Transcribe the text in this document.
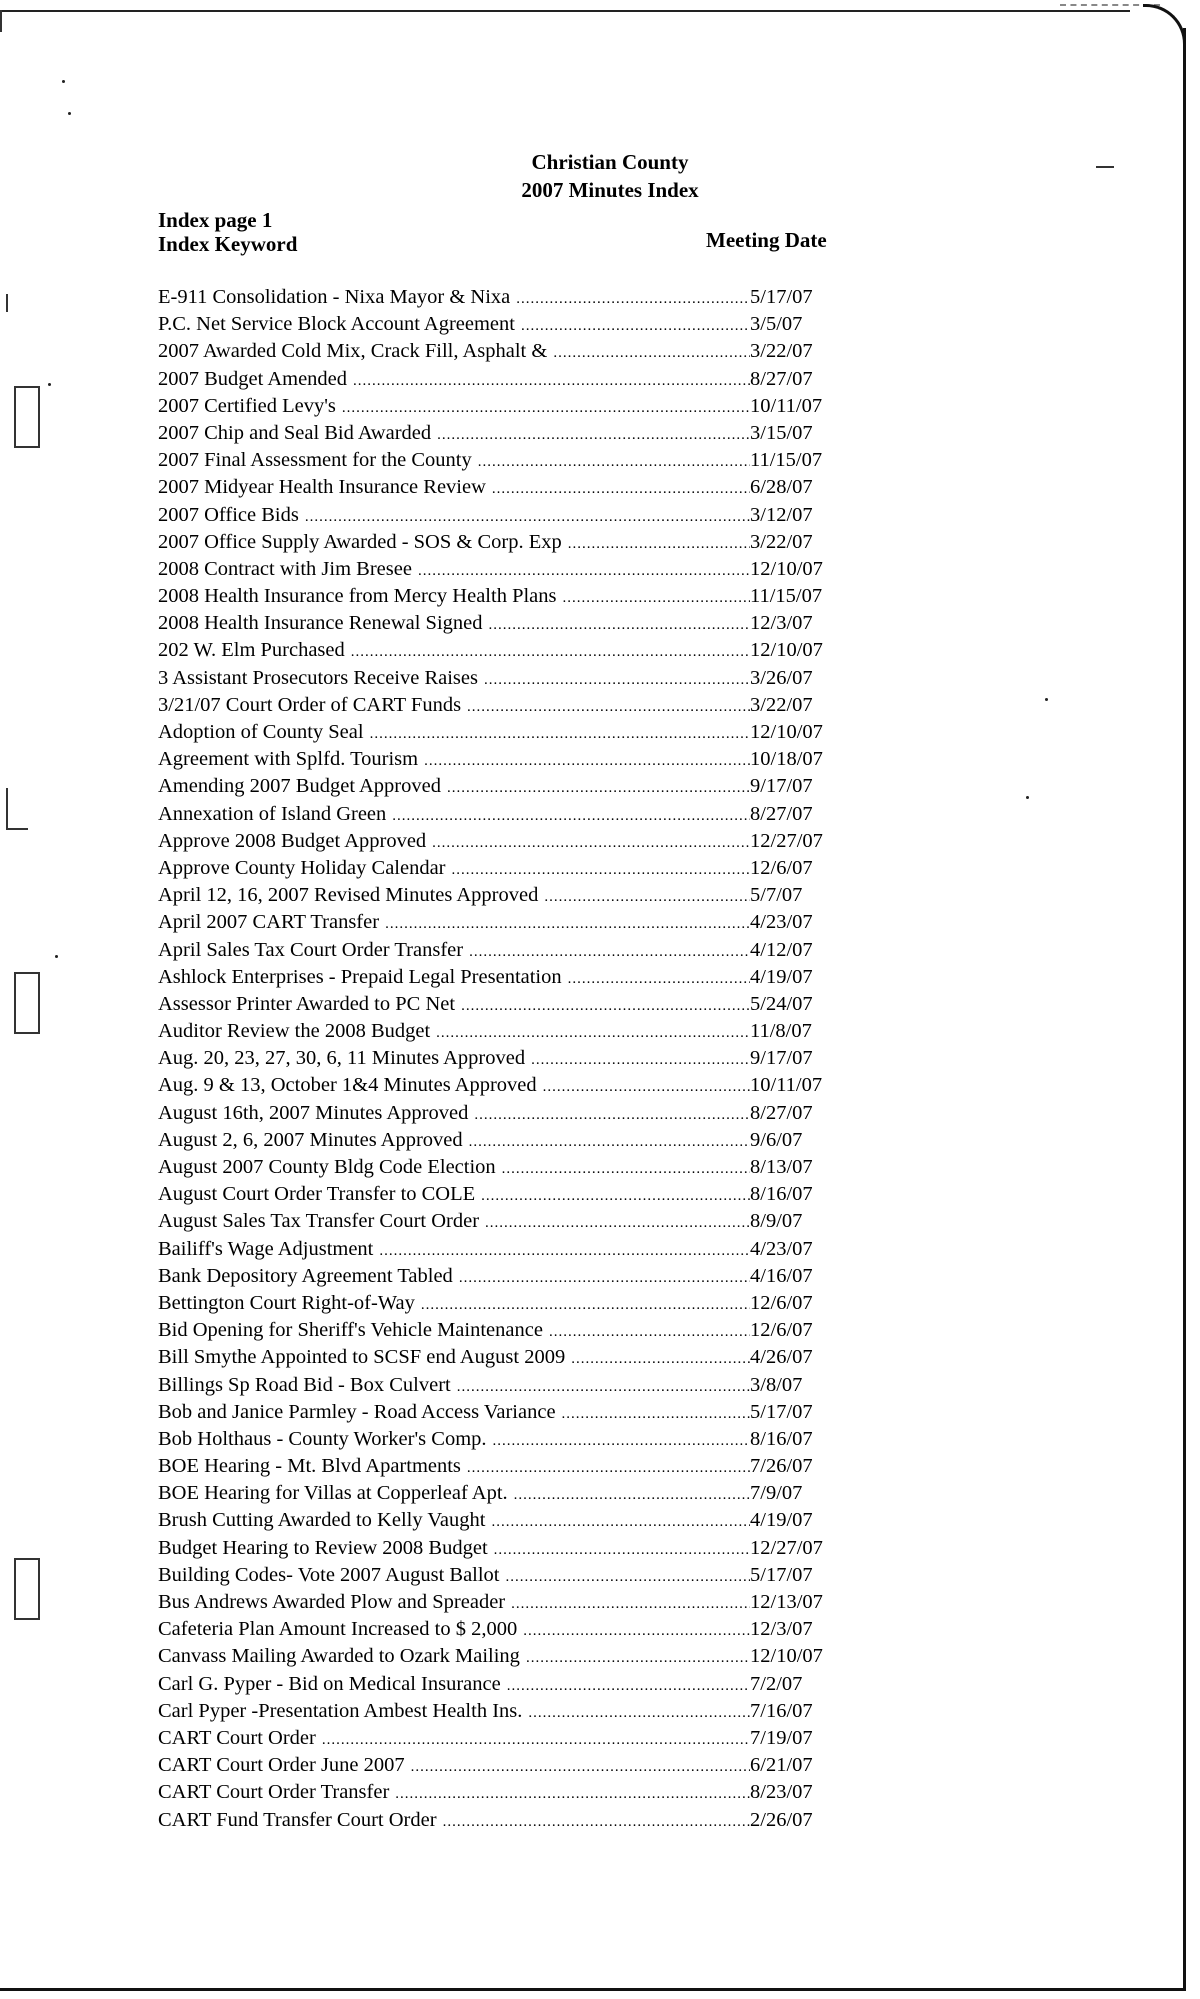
Christian County
2007 Minutes Index
Index page 1
Index Keyword	Meeting Date
E-911 Consolidation - Nixa Mayor & Nixa .....	5/17/07
P.C. Net Service Block Account Agreement .....	3/5/07
2007 Awarded Cold Mix, Crack Fill, Asphalt & .....	3/22/07
2007 Budget Amended .....	8/27/07
2007 Certified Levy's .....	10/11/07
2007 Chip and Seal Bid Awarded .....	3/15/07
2007 Final Assessment for the County .....	11/15/07
2007 Midyear Health Insurance Review .....	6/28/07
2007 Office Bids .....	3/12/07
2007 Office Supply Awarded - SOS & Corp. Exp .....	3/22/07
2008 Contract with Jim Bresee .....	12/10/07
2008 Health Insurance from Mercy Health Plans .....	11/15/07
2008 Health Insurance Renewal Signed .....	12/3/07
202 W. Elm Purchased .....	12/10/07
3 Assistant Prosecutors Receive Raises .....	3/26/07
3/21/07 Court Order of CART Funds .....	3/22/07
Adoption of County Seal .....	12/10/07
Agreement with Splfd. Tourism .....	10/18/07
Amending 2007 Budget Approved .....	9/17/07
Annexation of Island Green .....	8/27/07
Approve 2008 Budget Approved .....	12/27/07
Approve County Holiday Calendar .....	12/6/07
April 12, 16, 2007 Revised Minutes Approved .....	5/7/07
April 2007 CART Transfer .....	4/23/07
April Sales Tax Court Order Transfer .....	4/12/07
Ashlock Enterprises - Prepaid Legal Presentation .....	4/19/07
Assessor Printer Awarded to PC Net .....	5/24/07
Auditor Review the 2008 Budget .....	11/8/07
Aug. 20, 23, 27, 30, 6, 11 Minutes Approved .....	9/17/07
Aug. 9 & 13, October 1&4 Minutes Approved .....	10/11/07
August 16th, 2007 Minutes Approved .....	8/27/07
August 2, 6, 2007 Minutes Approved .....	9/6/07
August 2007 County Bldg Code Election .....	8/13/07
August Court Order Transfer to COLE .....	8/16/07
August Sales Tax Transfer Court Order .....	8/9/07
Bailiff's Wage Adjustment .....	4/23/07
Bank Depository Agreement Tabled .....	4/16/07
Bettington Court Right-of-Way .....	12/6/07
Bid Opening for Sheriff's Vehicle Maintenance .....	12/6/07
Bill Smythe Appointed to SCSF end August 2009 .....	4/26/07
Billings Sp Road Bid - Box Culvert .....	3/8/07
Bob and Janice Parmley - Road Access Variance .....	5/17/07
Bob Holthaus - County Worker's Comp. .....	8/16/07
BOE Hearing - Mt. Blvd Apartments .....	7/26/07
BOE Hearing for Villas at Copperleaf Apt. .....	7/9/07
Brush Cutting Awarded to Kelly Vaught .....	4/19/07
Budget Hearing to Review 2008 Budget .....	12/27/07
Building Codes- Vote 2007 August Ballot .....	5/17/07
Bus Andrews Awarded Plow and Spreader .....	12/13/07
Cafeteria Plan Amount Increased to $ 2,000 .....	12/3/07
Canvass Mailing Awarded to Ozark Mailing .....	12/10/07
Carl G. Pyper - Bid on Medical Insurance .....	7/2/07
Carl Pyper -Presentation Ambest Health Ins. .....	7/16/07
CART Court Order .....	7/19/07
CART Court Order June 2007 .....	6/21/07
CART Court Order Transfer .....	8/23/07
CART Fund Transfer Court Order .....	2/26/07
